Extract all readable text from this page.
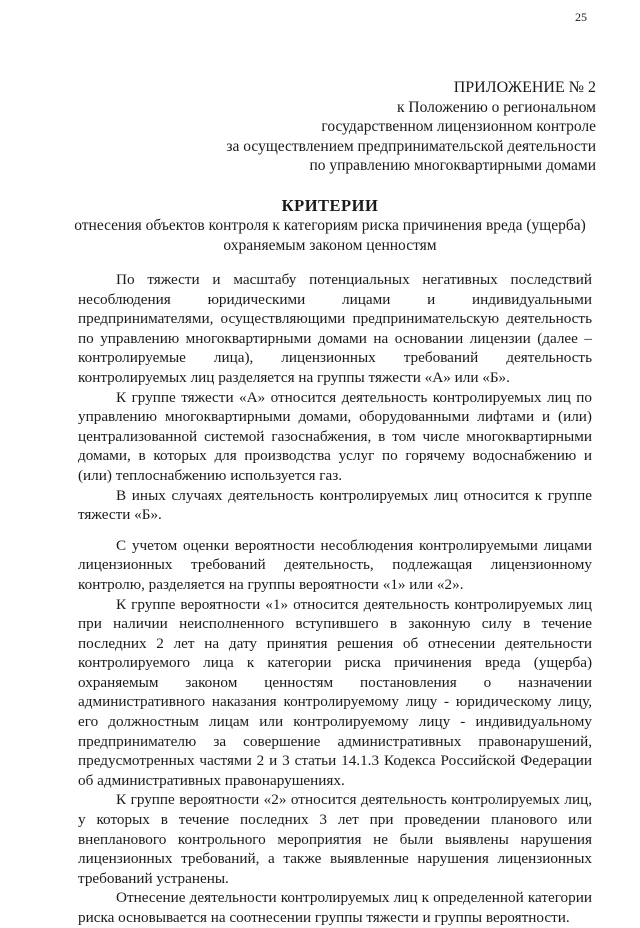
25
ПРИЛОЖЕНИЕ № 2
к Положению о региональном
государственном лицензионном контроле
за осуществлением предпринимательской деятельности
по управлению многоквартирными домами
КРИТЕРИИ
отнесения объектов контроля к категориям риска причинения вреда (ущерба)
охраняемым законом ценностям

По тяжести и масштабу потенциальных негативных последствий несоблюдения юридическими лицами и индивидуальными предпринимателями, осуществляющими предпринимательскую деятельность по управлению многоквартирными домами на основании лицензии (далее – контролируемые лица), лицензионных требований деятельность контролируемых лиц разделяется на группы тяжести «А» или «Б».

К группе тяжести «А» относится деятельность контролируемых лиц по управлению многоквартирными домами, оборудованными лифтами и (или) централизованной системой газоснабжения, в том числе многоквартирными домами, в которых для производства услуг по горячему водоснабжению и (или) теплоснабжению используется газ.

В иных случаях деятельность контролируемых лиц относится к группе тяжести «Б».

С учетом оценки вероятности несоблюдения контролируемыми лицами лицензионных требований деятельность, подлежащая лицензионному контролю, разделяется на группы вероятности «1» или «2».

К группе вероятности «1» относится деятельность контролируемых лиц при наличии неисполненного вступившего в законную силу в течение последних 2 лет на дату принятия решения об отнесении деятельности контролируемого лица к категории риска причинения вреда (ущерба) охраняемым законом ценностям постановления о назначении административного наказания контролируемому лицу - юридическому лицу, его должностным лицам или контролируемому лицу - индивидуальному предпринимателю за совершение административных правонарушений, предусмотренных частями 2 и 3 статьи 14.1.3 Кодекса Российской Федерации об административных правонарушениях.

К группе вероятности «2» относится деятельность контролируемых лиц, у которых в течение последних 3 лет при проведении планового или внепланового контрольного мероприятия не были выявлены нарушения лицензионных требований, а также выявленные нарушения лицензионных требований устранены.

Отнесение деятельности контролируемых лиц к определенной категории риска основывается на соотнесении группы тяжести и группы вероятности.
